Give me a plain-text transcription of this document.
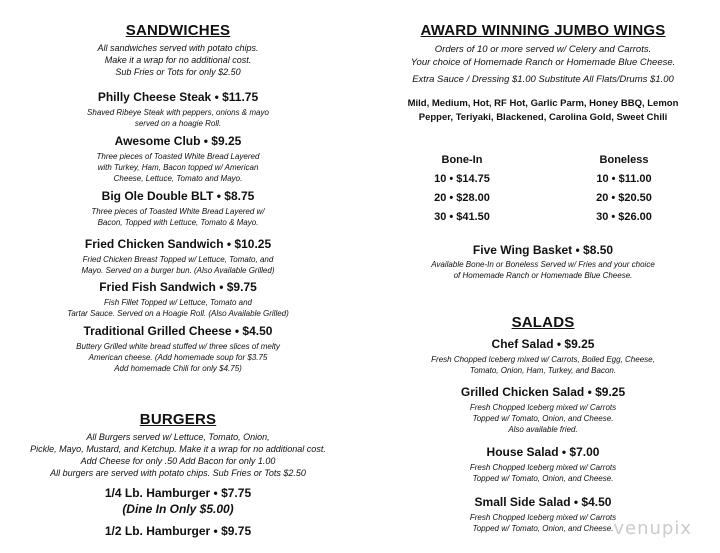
SANDWICHES
All sandwiches served with potato chips.
Make it a wrap for no additional cost.
Sub Fries or Tots for only $2.50
Philly Cheese Steak • $11.75
Shaved Ribeye Steak with peppers, onions & mayo
served on a hoagie Roll.
Awesome Club • $9.25
Three pieces of Toasted White Bread Layered
with Turkey, Ham, Bacon topped w/ American
Cheese, Lettuce, Tomato and Mayo.
Big Ole Double BLT • $8.75
Three pieces of Toasted White Bread Layered w/
Bacon, Topped with Lettuce, Tomato & Mayo.
Fried Chicken Sandwich • $10.25
Fried Chicken Breast Topped w/ Lettuce, Tomato, and
Mayo. Served on a burger bun. (Also Available Grilled)
Fried Fish Sandwich • $9.75
Fish Fillet Topped w/ Lettuce, Tomato and
Tartar Sauce. Served on a Hoagie Roll. (Also Available Grilled)
Traditional Grilled Cheese • $4.50
Buttery Grilled white bread stuffed w/ three slices of melty
American cheese. (Add homemade soup for $3.75
Add homemade Chili for only $4.75)
BURGERS
All Burgers served w/ Lettuce, Tomato, Onion,
Pickle, Mayo, Mustard, and Ketchup. Make it a wrap for no additional cost.
Add Cheese for only .50 Add Bacon for only 1.00
All burgers are served with potato chips. Sub Fries or Tots $2.50
1/4 Lb. Hamburger • $7.75
(Dine In Only $5.00)
1/2 Lb. Hamburger • $9.75
AWARD WINNING JUMBO WINGS
Orders of 10 or more served w/ Celery and Carrots.
Your choice of Homemade Ranch or Homemade Blue Cheese.
Extra Sauce / Dressing $1.00 Substitute All Flats/Drums $1.00
Mild, Medium, Hot, RF Hot, Garlic Parm, Honey BBQ, Lemon
Pepper, Teriyaki, Blackened, Carolina Gold, Sweet Chili
Bone-In
10 • $14.75
20 • $28.00
30 • $41.50
Boneless
10 • $11.00
20 • $20.50
30 • $26.00
Five Wing Basket • $8.50
Available Bone-In or Boneless Served w/ Fries and your choice
of Homemade Ranch or Homemade Blue Cheese.
SALADS
Chef Salad • $9.25
Fresh Chopped Iceberg mixed w/ Carrots, Boiled Egg, Cheese,
Tomato, Onion, Ham, Turkey, and Bacon.
Grilled Chicken Salad • $9.25
Fresh Chopped Iceberg mixed w/ Carrots
Topped w/ Tomato, Onion, and Cheese.
Also available fried.
House Salad • $7.00
Fresh Chopped Iceberg mixed w/ Carrots
Topped w/ Tomato, Onion, and Cheese.
Small Side Salad • $4.50
Fresh Chopped Iceberg mixed w/ Carrots
Topped w/ Tomato, Onion, and Cheese. venupix
